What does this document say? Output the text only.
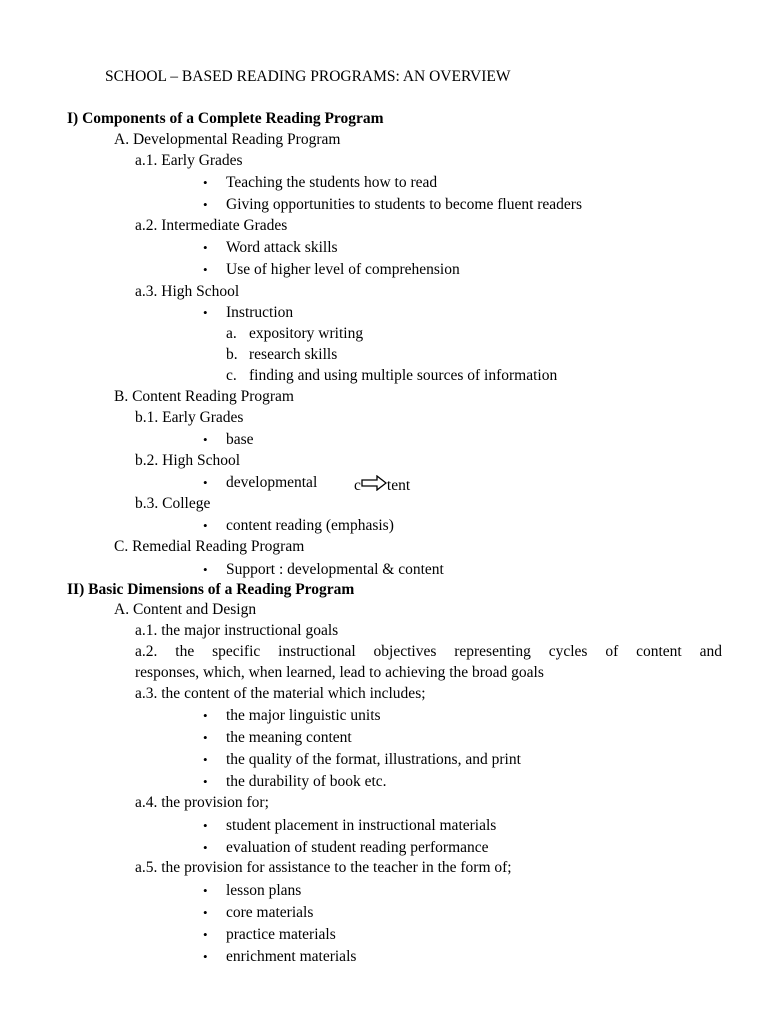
SCHOOL – BASED READING PROGRAMS: AN OVERVIEW
I) Components of a Complete Reading Program
A. Developmental Reading Program
a.1. Early Grades
• Teaching the students how to read
• Giving opportunities to students to become fluent readers
a.2. Intermediate Grades
• Word attack skills
• Use of higher level of comprehension
a.3. High School
• Instruction
a. expository writing
b. research skills
c. finding and using multiple sources of information
B. Content Reading Program
b.1. Early Grades
• base
b.2. High School
• developmental c tent
b.3. College
• content reading (emphasis)
C. Remedial Reading Program
• Support : developmental & content
II) Basic Dimensions of a Reading Program
A. Content and Design
a.1. the major instructional goals
a.2. the specific instructional objectives representing cycles of content and
responses, which, when learned, lead to achieving the broad goals
a.3. the content of the material which includes;
• the major linguistic units
• the meaning content
• the quality of the format, illustrations, and print
• the durability of book etc.
a.4. the provision for;
• student placement in instructional materials
• evaluation of student reading performance
a.5. the provision for assistance to the teacher in the form of;
• lesson plans
• core materials
• practice materials
• enrichment materials
